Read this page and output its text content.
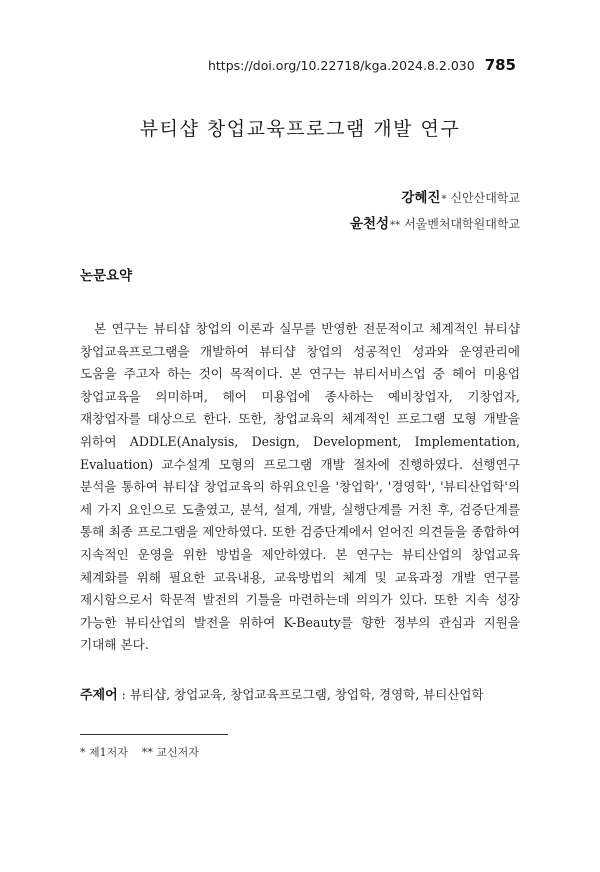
https://doi.org/10.22718/kga.2024.8.2.030 785
뷰티샵 창업교육프로그램 개발 연구
강혜진* 신안산대학교
윤천성** 서울벤처대학원대학교
논문요약

본 연구는 뷰티샵 창업의 이론과 실무를 반영한 전문적이고 체계적인 뷰티샵 창업교육프로그램을 개발하여 뷰티샵 창업의 성공적인 성과와 운영관리에 도움을 주고자 하는 것이 목적이다. 본 연구는 뷰티서비스업 중 헤어 미용업 창업교육을 의미하며, 헤어 미용업에 종사하는 예비창업자, 기창업자, 재창업자를 대상으로 한다. 또한, 창업교육의 체계적인 프로그램 모형 개발을 위하여 ADDLE(Analysis, Design, Development, Implementation, Evaluation) 교수설계 모형의 프로그램 개발 절차에 진행하였다. 선행연구 분석을 통하여 뷰티샵 창업교육의 하위요인을 '창업학', '경영학', '뷰티산업학'의 세 가지 요인으로 도출였고, 분석, 설계, 개발, 실행단계를 거친 후, 검증단계를 통해 최종 프로그램을 제안하였다. 또한 검증단계에서 얻어진 의견들을 종합하여 지속적인 운영을 위한 방법을 제안하였다. 본 연구는 뷰티산업의 창업교육 체계화를 위해 필요한 교육내용, 교육방법의 체계 및 교육과정 개발 연구를 제시함으로서 학문적 발전의 기틀을 마련하는데 의의가 있다. 또한 지속 성장 가능한 뷰티산업의 발전을 위하여 K-Beauty를 향한 정부의 관심과 지원을 기대해 본다.

주제어 : 뷰티샵, 창업교육, 창업교육프로그램, 창업학, 경영학, 뷰티산업학
* 제1저자 ** 교신저자
